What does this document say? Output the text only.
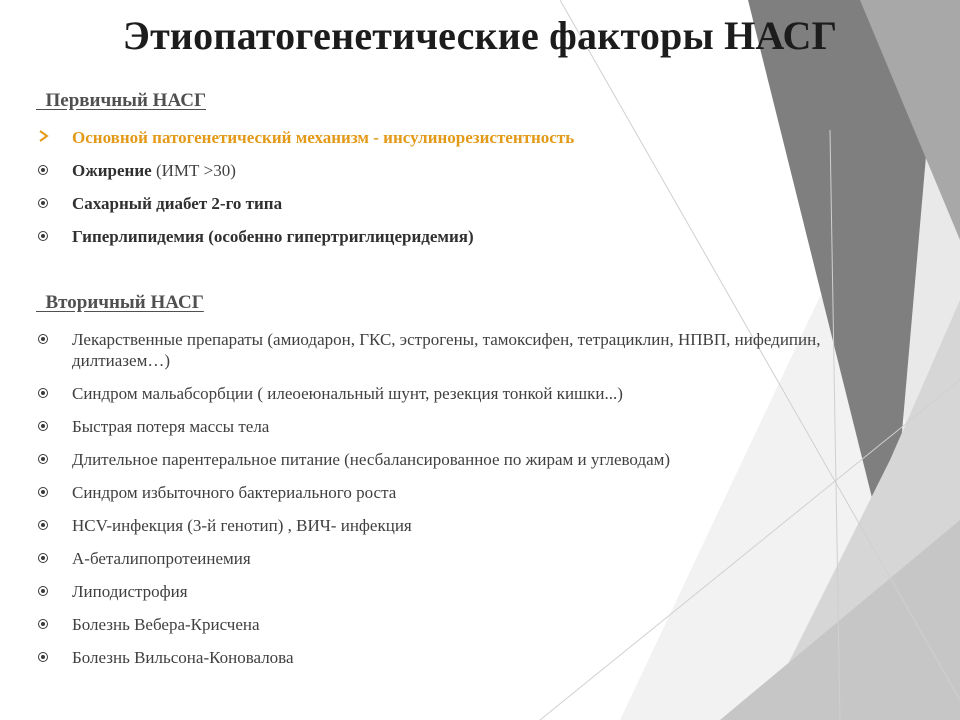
Этиопатогенетические факторы НАСГ
Первичный НАСГ
Основной патогенетический механизм - инсулинорезистентность
Ожирение (ИМТ >30)
Сахарный диабет 2-го типа
Гиперлипидемия (особенно гипертриглицеридемия)
Вторичный НАСГ
Лекарственные препараты (амиодарон, ГКС, эстрогены, тамоксифен, тетрациклин, НПВП, нифедипин, дилтиазем…)
Синдром мальабсорбции ( илеоеюнальный шунт, резекция тонкой кишки...)
Быстрая потеря массы тела
Длительное парентеральное питание (несбалансированное по жирам и углеводам)
Синдром избыточного бактериального роста
HCV-инфекция (3-й генотип) , ВИЧ- инфекция
А-беталипопротеинемия
Липодистрофия
Болезнь Вебера-Крисчена
Болезнь Вильсона-Коновалова
